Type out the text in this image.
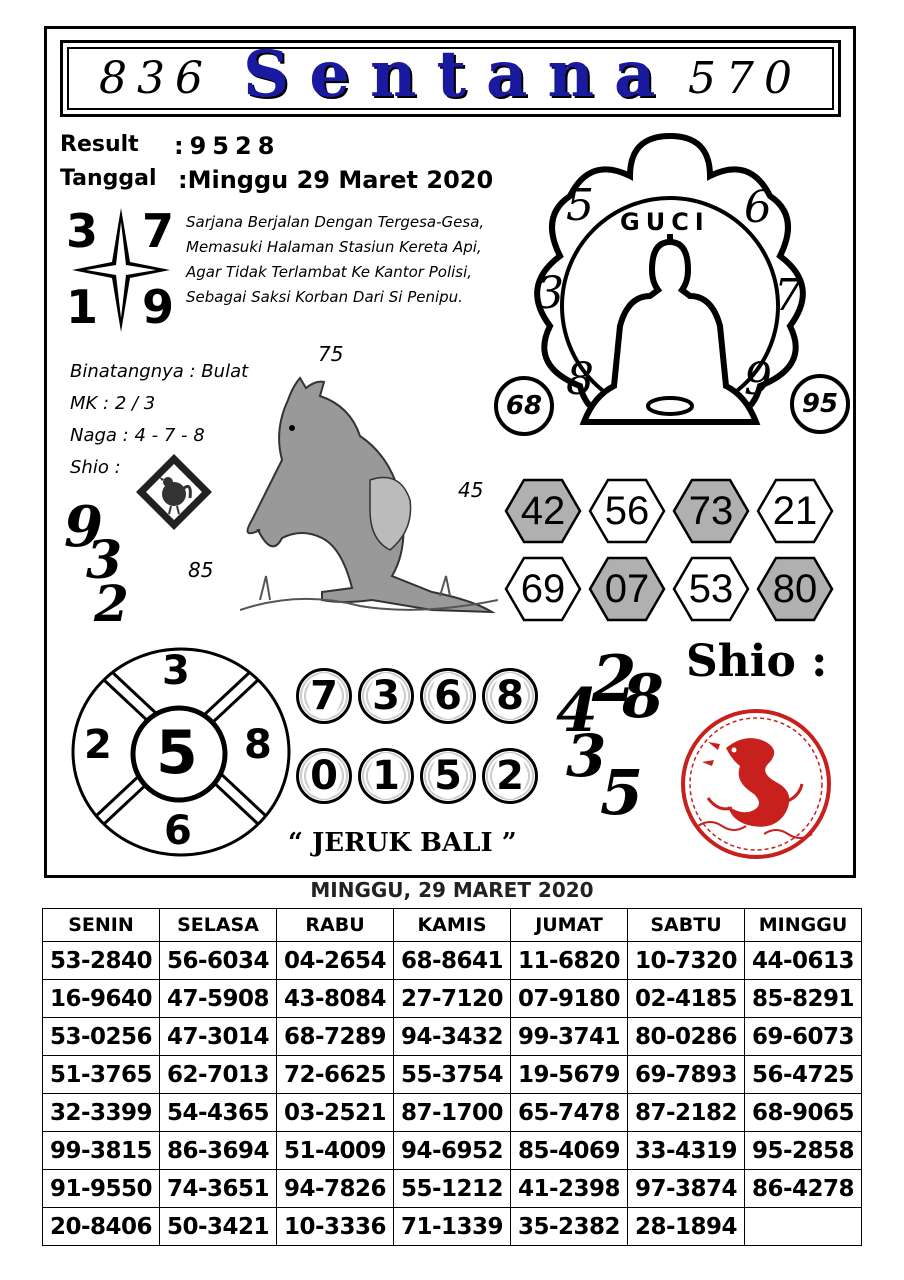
836 Sentana 570
Result :9528
Tanggal :Minggu 29 Maret 2020
3 7
1 9
Sarjana Berjalan Dengan Tergesa-Gesa,
Memasuki Halaman Stasiun Kereta Api,
Agar Tidak Terlambat Ke Kantor Polisi,
Sebagai Saksi Korban Dari Si Penipu.
Binatangnya : Bulat
MK : 2 / 3
Naga : 4 - 7 - 8
Shio :
9
3
2
75
45
85
GUCI
5	6
3	7
8	9
68	95
42 56 73 21
69 07 53 80
3
2 5 8
6
7 3 6 8
0 1 5 2
“ JERUK BALI ”
4
2
8
3
5
Shio :
MINGGU, 29 MARET 2020
SENIN	SELASA	RABU	KAMIS	JUMAT	SABTU	MINGGU
53-2840	56-6034	04-2654	68-8641	11-6820	10-7320	44-0613
16-9640	47-5908	43-8084	27-7120	07-9180	02-4185	85-8291
53-0256	47-3014	68-7289	94-3432	99-3741	80-0286	69-6073
51-3765	62-7013	72-6625	55-3754	19-5679	69-7893	56-4725
32-3399	54-4365	03-2521	87-1700	65-7478	87-2182	68-9065
99-3815	86-3694	51-4009	94-6952	85-4069	33-4319	95-2858
91-9550	74-3651	94-7826	55-1212	41-2398	97-3874	86-4278
20-8406	50-3421	10-3336	71-1339	35-2382	28-1894	
